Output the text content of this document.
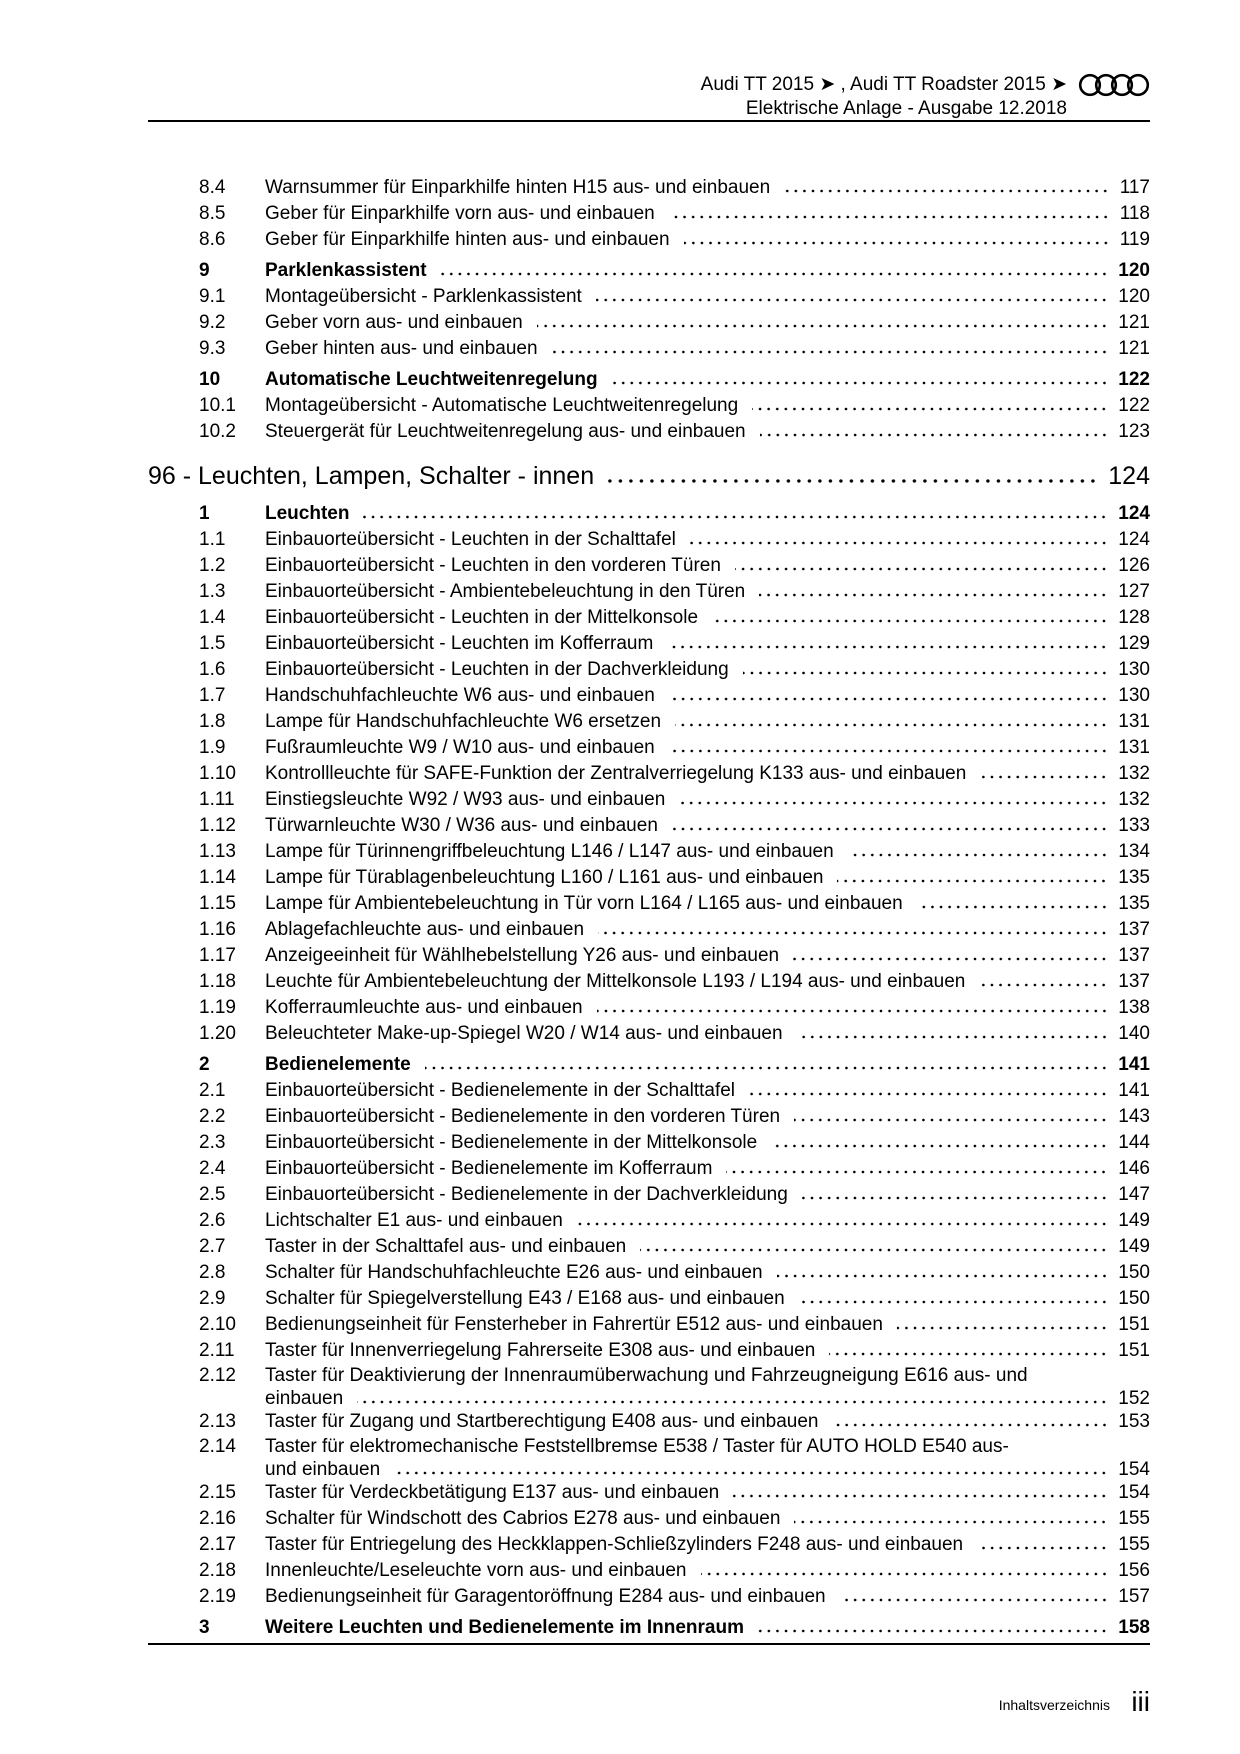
Audi TT 2015 ➤ , Audi TT Roadster 2015 ➤
Elektrische Anlage - Ausgabe 12.2018
8.4 Warnsummer für Einparkhilfe hinten H15 aus- und einbauen	117
8.5 Geber für Einparkhilfe vorn aus- und einbauen	118
8.6 Geber für Einparkhilfe hinten aus- und einbauen	119
9	Parklenkassistent	120
9.1 Montageübersicht - Parklenkassistent	120
9.2 Geber vorn aus- und einbauen	121
9.3 Geber hinten aus- und einbauen	121
10 Automatische Leuchtweitenregelung	122
10.1 Montageübersicht - Automatische Leuchtweitenregelung	122
10.2 Steuergerät für Leuchtweitenregelung aus- und einbauen	123
96 - Leuchten, Lampen, Schalter - innen	124
1	Leuchten	124
1.1 Einbauorteübersicht - Leuchten in der Schalttafel	124
1.2 Einbauorteübersicht - Leuchten in den vorderen Türen	126
1.3 Einbauorteübersicht - Ambientebeleuchtung in den Türen	127
1.4 Einbauorteübersicht - Leuchten in der Mittelkonsole	128
1.5 Einbauorteübersicht - Leuchten im Kofferraum	129
1.6 Einbauorteübersicht - Leuchten in der Dachverkleidung	130
1.7 Handschuhfachleuchte W6 aus- und einbauen	130
1.8 Lampe für Handschuhfachleuchte W6 ersetzen	131
1.9 Fußraumleuchte W9 / W10 aus- und einbauen	131
1.10 Kontrollleuchte für SAFE-Funktion der Zentralverriegelung K133 aus- und einbauen	132
1.11 Einstiegsleuchte W92 / W93 aus- und einbauen	132
1.12 Türwarnleuchte W30 / W36 aus- und einbauen	133
1.13 Lampe für Türinnengriffbeleuchtung L146 / L147 aus- und einbauen	134
1.14 Lampe für Türablagenbeleuchtung L160 / L161 aus- und einbauen	135
1.15 Lampe für Ambientebeleuchtung in Tür vorn L164 / L165 aus- und einbauen	135
1.16 Ablagefachleuchte aus- und einbauen	137
1.17 Anzeigeeinheit für Wählhebelstellung Y26 aus- und einbauen	137
1.18 Leuchte für Ambientebeleuchtung der Mittelkonsole L193 / L194 aus- und einbauen	137
1.19 Kofferraumleuchte aus- und einbauen	138
1.20 Beleuchteter Make-up-Spiegel W20 / W14 aus- und einbauen	140
2	Bedienelemente	141
2.1 Einbauorteübersicht - Bedienelemente in der Schalttafel	141
2.2 Einbauorteübersicht - Bedienelemente in den vorderen Türen	143
2.3 Einbauorteübersicht - Bedienelemente in der Mittelkonsole	144
2.4 Einbauorteübersicht - Bedienelemente im Kofferraum	146
2.5 Einbauorteübersicht - Bedienelemente in der Dachverkleidung	147
2.6 Lichtschalter E1 aus- und einbauen	149
2.7 Taster in der Schalttafel aus- und einbauen	149
2.8 Schalter für Handschuhfachleuchte E26 aus- und einbauen	150
2.9 Schalter für Spiegelverstellung E43 / E168 aus- und einbauen	150
2.10 Bedienungseinheit für Fensterheber in Fahrertür E512 aus- und einbauen	151
2.11 Taster für Innenverriegelung Fahrerseite E308 aus- und einbauen	151
2.12 Taster für Deaktivierung der Innenraumüberwachung und Fahrzeugneigung E616 aus- und
einbauen	152
2.13 Taster für Zugang und Startberechtigung E408 aus- und einbauen	153
2.14 Taster für elektromechanische Feststellbremse E538 / Taster für AUTO HOLD E540 aus-
und einbauen	154
2.15 Taster für Verdeckbetätigung E137 aus- und einbauen	154
2.16 Schalter für Windschott des Cabrios E278 aus- und einbauen	155
2.17 Taster für Entriegelung des Heckklappen-Schließzylinders F248 aus- und einbauen	155
2.18 Innenleuchte/Leseleuchte vorn aus- und einbauen	156
2.19 Bedienungseinheit für Garagentoröffnung E284 aus- und einbauen	157
3	Weitere Leuchten und Bedienelemente im Innenraum	158
Inhaltsverzeichnis iii
